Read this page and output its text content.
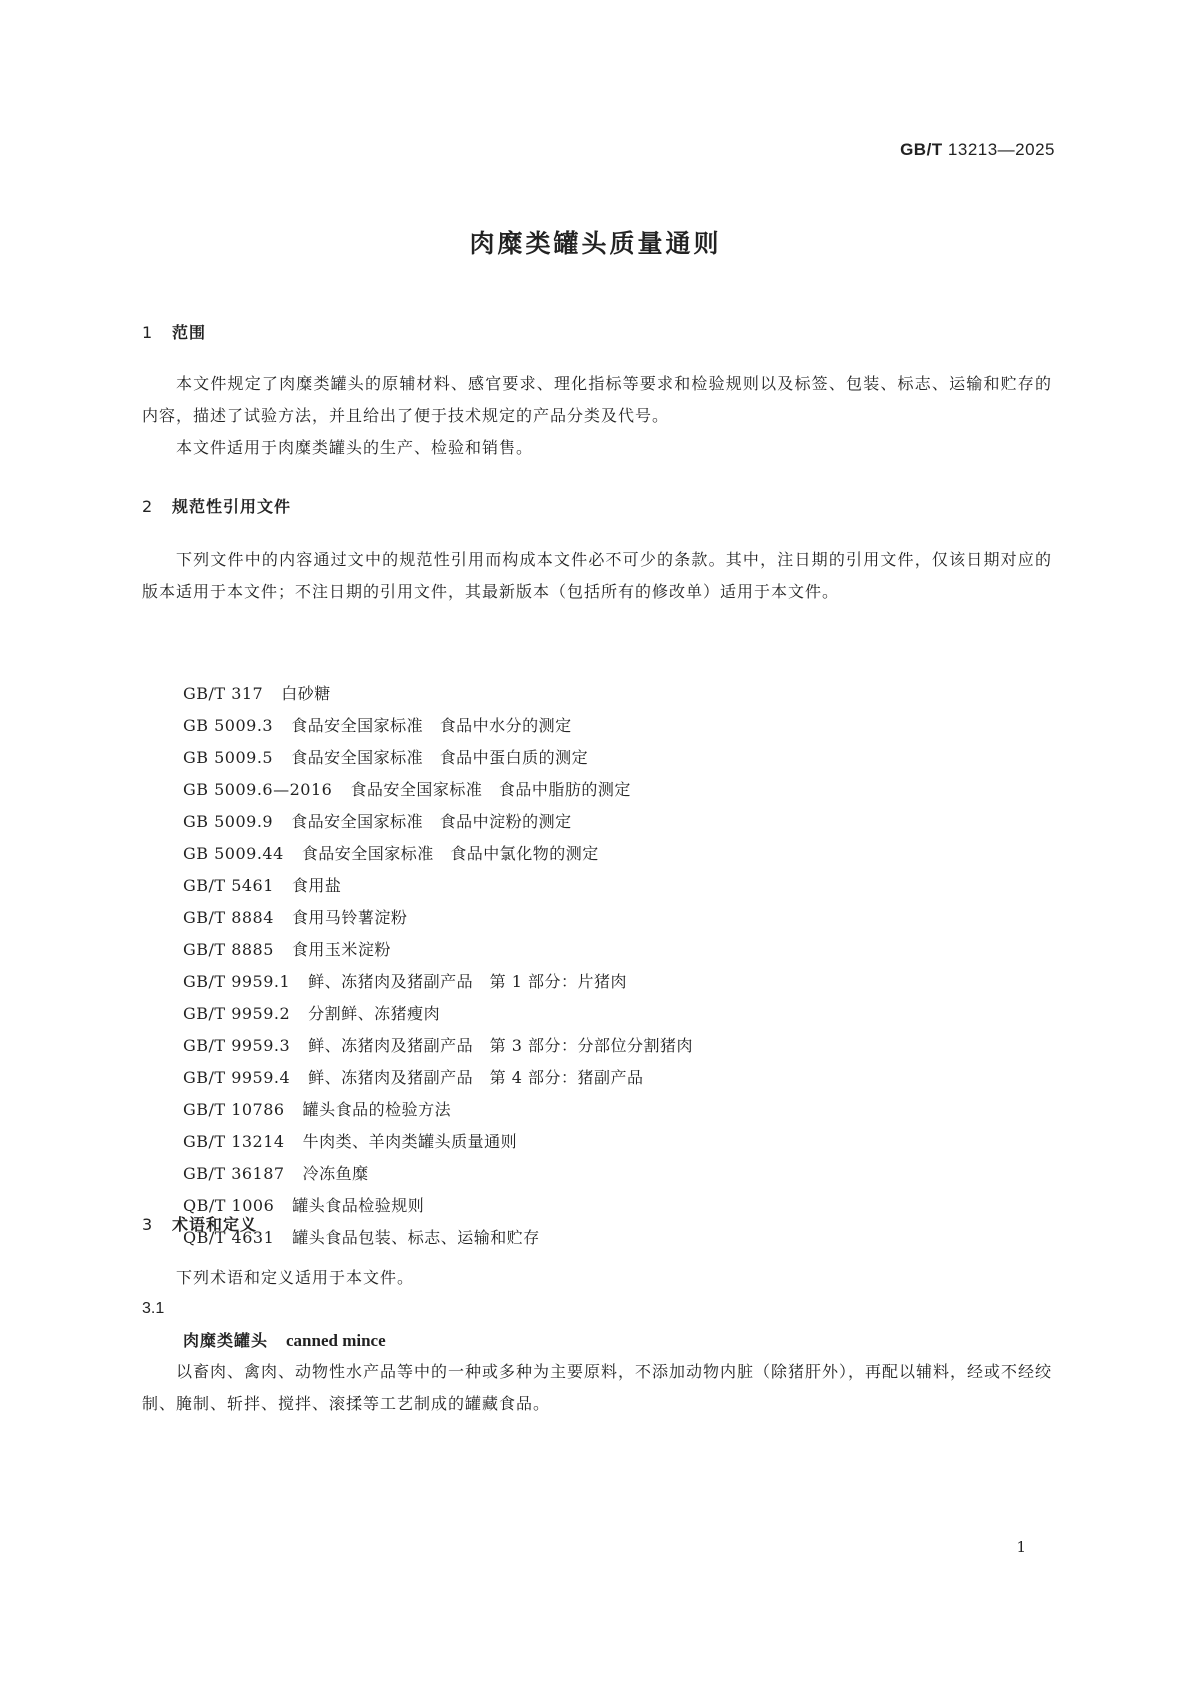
GB/T 13213—2025
肉糜类罐头质量通则
1 范围
本文件规定了肉糜类罐头的原辅材料、感官要求、理化指标等要求和检验规则以及标签、包装、标志、运输和贮存的内容，描述了试验方法，并且给出了便于技术规定的产品分类及代号。
本文件适用于肉糜类罐头的生产、检验和销售。
2 规范性引用文件
下列文件中的内容通过文中的规范性引用而构成本文件必不可少的条款。其中，注日期的引用文件，仅该日期对应的版本适用于本文件；不注日期的引用文件，其最新版本（包括所有的修改单）适用于本文件。
GB/T 317 白砂糖
GB 5009.3 食品安全国家标准　食品中水分的测定
GB 5009.5 食品安全国家标准　食品中蛋白质的测定
GB 5009.6—2016 食品安全国家标准　食品中脂肪的测定
GB 5009.9 食品安全国家标准　食品中淀粉的测定
GB 5009.44 食品安全国家标准　食品中氯化物的测定
GB/T 5461 食用盐
GB/T 8884 食用马铃薯淀粉
GB/T 8885 食用玉米淀粉
GB/T 9959.1 鲜、冻猪肉及猪副产品　第 1 部分：片猪肉
GB/T 9959.2 分割鲜、冻猪瘦肉
GB/T 9959.3 鲜、冻猪肉及猪副产品　第 3 部分：分部位分割猪肉
GB/T 9959.4 鲜、冻猪肉及猪副产品　第 4 部分：猪副产品
GB/T 10786 罐头食品的检验方法
GB/T 13214 牛肉类、羊肉类罐头质量通则
GB/T 36187 冷冻鱼糜
QB/T 1006 罐头食品检验规则
QB/T 4631 罐头食品包装、标志、运输和贮存
3 术语和定义
下列术语和定义适用于本文件。
3.1
肉糜类罐头 canned mince
以畜肉、禽肉、动物性水产品等中的一种或多种为主要原料，不添加动物内脏（除猪肝外），再配以辅料，经或不经绞制、腌制、斩拌、搅拌、滚揉等工艺制成的罐藏食品。
1
